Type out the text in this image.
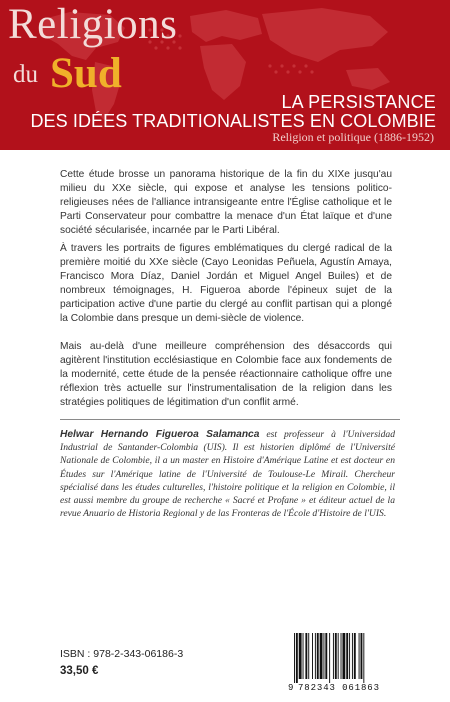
Religions
du Sud
LA PERSISTANCE
DES IDÉES TRADITIONALISTES EN COLOMBIE
Religion et politique (1886-1952)

Cette étude brosse un panorama historique de la fin du XIXe jusqu'au milieu du XXe siècle, qui expose et analyse les tensions politico-religieuses nées de l'alliance intransigeante entre l'Église catholique et le Parti Conservateur pour combattre la menace d'un État laïque et d'une société sécularisée, incarnée par le Parti Libéral.

À travers les portraits de figures emblématiques du clergé radical de la première moitié du XXe siècle (Cayo Leonidas Peñuela, Agustín Amaya, Francisco Mora Díaz, Daniel Jordán et Miguel Angel Builes) et de nombreux témoignages, H. Figueroa aborde l'épineux sujet de la participation active d'une partie du clergé au conflit partisan qui a plongé la Colombie dans presque un demi-siècle de violence.

Mais au-delà d'une meilleure compréhension des désaccords qui agitèrent l'institution ecclésiastique en Colombie face aux fondements de la modernité, cette étude de la pensée réactionnaire catholique offre une réflexion très actuelle sur l'instrumentalisation de la religion dans les stratégies politiques de légitimation d'un conflit armé.

Helwar Hernando Figueroa Salamanca est professeur à l'Universidad Industrial de Santander-Colombia (UIS). Il est historien diplômé de l'Université Nationale de Colombie, il a un master en Histoire d'Amérique Latine et est docteur en Études sur l'Amérique latine de l'Université de Toulouse-Le Mirail. Chercheur spécialisé dans les études culturelles, l'histoire politique et la religion en Colombie, il est aussi membre du groupe de recherche « Sacré et Profane » et éditeur actuel de la revue Anuario de Historia Regional y de las Fronteras de l'École d'Histoire de l'UIS.

ISBN : 978-2-343-06186-3
33,50 €
9 782343 061863
